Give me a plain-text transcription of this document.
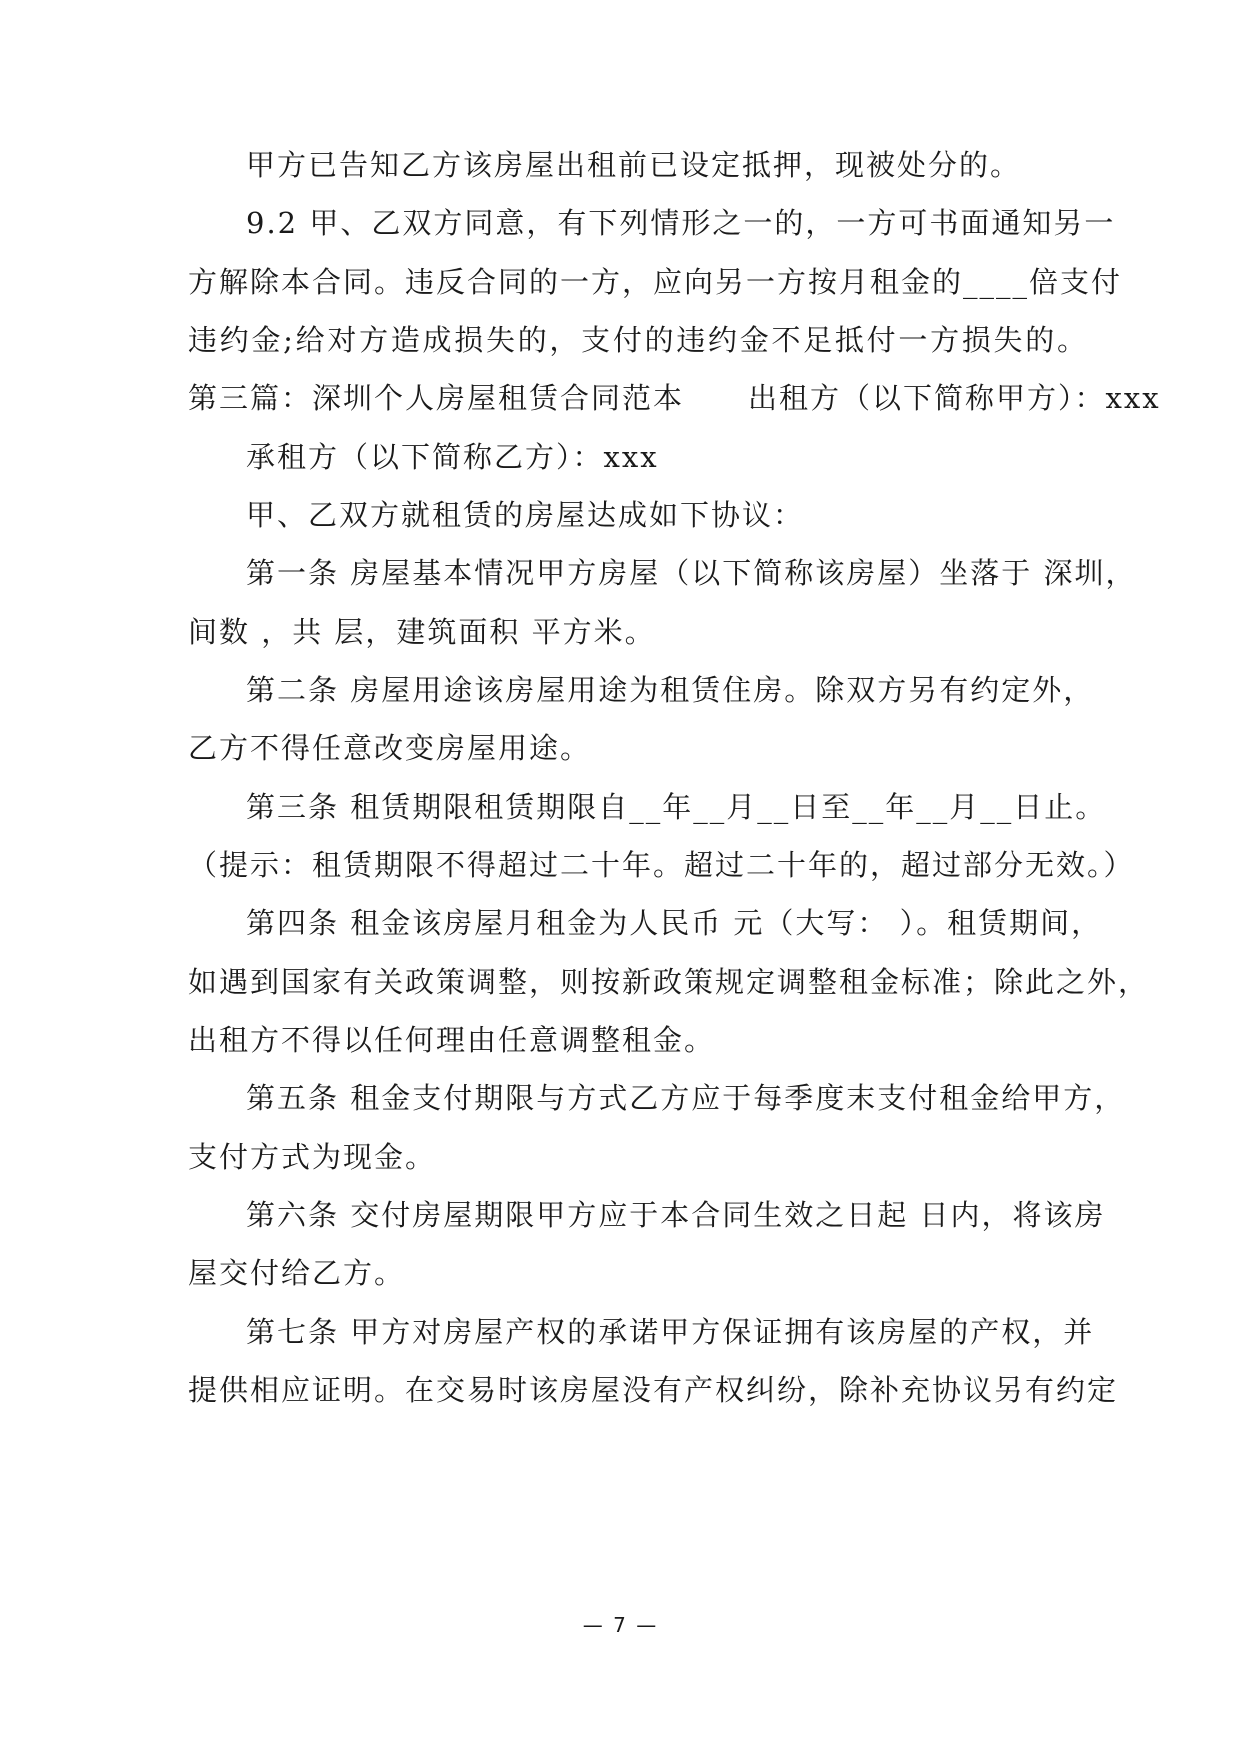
甲方已告知乙方该房屋出租前已设定抵押，现被处分的。
9.2 甲、乙双方同意，有下列情形之一的，一方可书面通知另一
方解除本合同。违反合同的一方，应向另一方按月租金的____倍支付
违约金;给对方造成损失的，支付的违约金不足抵付一方损失的。
第三篇：深圳个人房屋租赁合同范本 出租方（以下简称甲方）：xxx
承租方（以下简称乙方）：xxx
甲、乙双方就租赁的房屋达成如下协议：
第一条 房屋基本情况甲方房屋（以下简称该房屋）坐落于 深圳，
间数 ，共 层，建筑面积 平方米。
第二条 房屋用途该房屋用途为租赁住房。除双方另有约定外，
乙方不得任意改变房屋用途。
第三条 租赁期限租赁期限自__年__月__日至__年__月__日止。
（提示：租赁期限不得超过二十年。超过二十年的，超过部分无效。）
第四条 租金该房屋月租金为人民币 元（大写： ）。租赁期间，
如遇到国家有关政策调整，则按新政策规定调整租金标准；除此之外，
出租方不得以任何理由任意调整租金。
第五条 租金支付期限与方式乙方应于每季度末支付租金给甲方，
支付方式为现金。
第六条 交付房屋期限甲方应于本合同生效之日起 日内，将该房
屋交付给乙方。
第七条 甲方对房屋产权的承诺甲方保证拥有该房屋的产权，并
提供相应证明。在交易时该房屋没有产权纠纷，除补充协议另有约定
— 7 —
